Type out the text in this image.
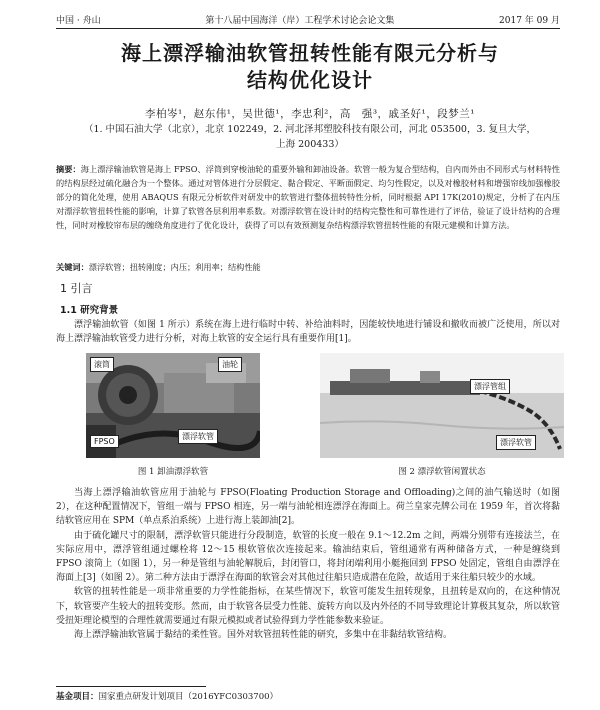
中国 · 舟山	第十八届中国海洋（岸）工程学术讨论会论文集	2017 年 09 月
海上漂浮输油软管扭转性能有限元分析与
结构优化设计
李柏岑¹，赵东伟¹，吴世德¹，李忠利²，高　强³，戚圣好¹，段梦兰¹
（1. 中国石油大学（北京），北京 102249，2. 河北泽邦塑胶科技有限公司，河北 053500，3. 复旦大学，
上海 200433）
摘要：海上漂浮输油软管是海上 FPSO、浮筒到穿梭油轮的重要外输和卸油设备。软管一般为复合型结构，自内而外由不同形式与材料特性的结构层经过硫化融合为一个整体。通过对管体进行分层假定、黏合假定、平断面假定、均匀性假定，以及对橡胶材料和增强帘线加强橡胶部分的简化处理，使用 ABAQUS 有限元分析软件对研发中的软管进行整体扭转特性分析，同时根据 API 17K(2010)规定，分析了在内压对漂浮软管扭转性能的影响，计算了软管各层利用率系数。对漂浮软管在设计时的结构完整性和可靠性进行了评估，验证了设计结构的合理性，同时对橡胶帘布层的缠绕角度进行了优化设计，获得了可以有效预测复杂结构漂浮软管扭转性能的有限元建模和计算方法。
关键词：漂浮软管；扭转刚度；内压；利用率；结构性能
1 引言
1.1 研究背景
漂浮输油软管（如图 1 所示）系统在海上进行临时中转、补给油料时，因能较快地进行铺设和撤收而被广泛使用，所以对海上漂浮输油软管受力进行分析，对海上软管的安全运行具有重要作用[1]。
滚筒	油轮
FPSO
漂浮软管
图 1 卸油漂浮软管
漂浮管组
漂浮软管
图 2 漂浮软管闲置状态

当海上漂浮输油软管应用于油轮与 FPSO(Floating Production Storage and Offloading)之间的油气输送时（如图 2），在这种配置情况下，管组一端与 FPSO 相连，另一端与油轮相连漂浮在海面上。荷兰皇家壳牌公司在 1959 年，首次将黏结软管应用在 SPM（单点系泊系统）上进行海上装卸油[2]。

由于硫化罐尺寸的限制，漂浮软管只能进行分段制造，软管的长度一般在 9.1～12.2m 之间，两端分别带有连接法兰，在实际应用中，漂浮管组通过螺栓将 12～15 根软管依次连接起来。输油结束后，管组通常有两种储备方式，一种是缠绕到 FPSO 滚筒上（如图 1），另一种是管组与油轮解脱后，封闭管口，将封闭端利用小艇拖回到 FPSO 处固定，管组自由漂浮在海面上[3]（如图 2）。第二种方法由于漂浮在海面的软管会对其他过往船只造成潜在危险，故适用于来往船只较少的水域。

软管的扭转性能是一项非常重要的力学性能指标，在某些情况下，软管可能发生扭转现象，且扭转是双向的，在这种情况下，软管要产生较大的扭转变形。然而，由于软管各层受力性能、旋转方向以及内外径的不同导致理论计算极其复杂，所以软管受扭矩理论模型的合理性就需要通过有限元模拟或者试验得到力学性能参数来验证。

海上漂浮输油软管属于黏结的柔性管。国外对软管扭转性能的研究，多集中在非黏结软管结构。

基金项目：国家重点研发计划项目（2016YFC0303700）
